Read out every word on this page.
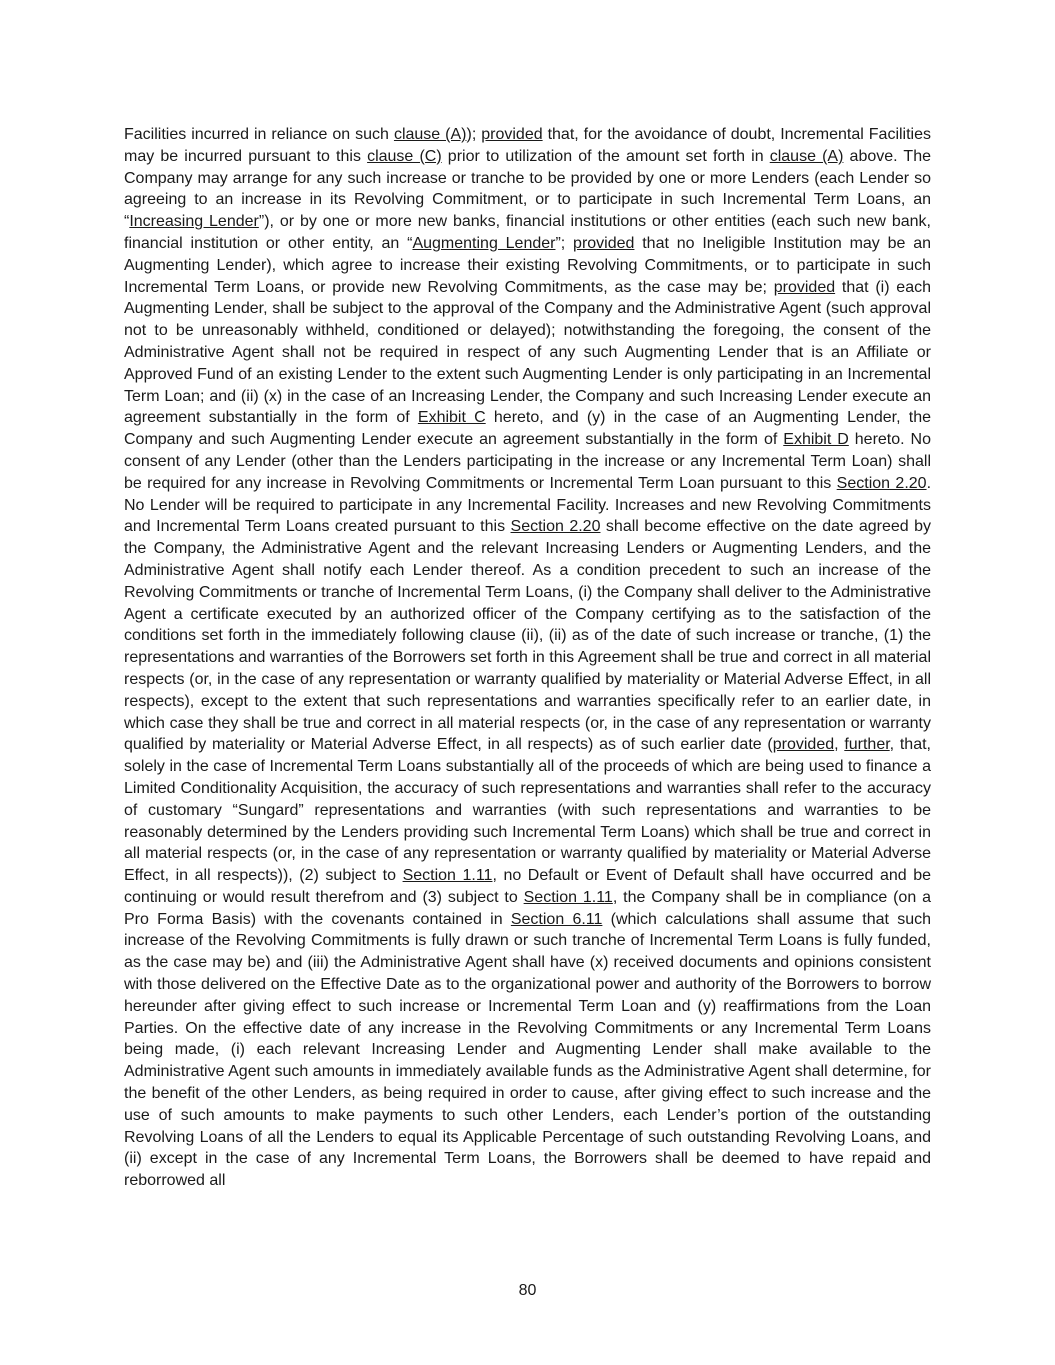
Facilities incurred in reliance on such clause (A)); provided that, for the avoidance of doubt, Incremental Facilities may be incurred pursuant to this clause (C) prior to utilization of the amount set forth in clause (A) above. The Company may arrange for any such increase or tranche to be provided by one or more Lenders (each Lender so agreeing to an increase in its Revolving Commitment, or to participate in such Incremental Term Loans, an “Increasing Lender”), or by one or more new banks, financial institutions or other entities (each such new bank, financial institution or other entity, an “Augmenting Lender”; provided that no Ineligible Institution may be an Augmenting Lender), which agree to increase their existing Revolving Commitments, or to participate in such Incremental Term Loans, or provide new Revolving Commitments, as the case may be; provided that (i) each Augmenting Lender, shall be subject to the approval of the Company and the Administrative Agent (such approval not to be unreasonably withheld, conditioned or delayed); notwithstanding the foregoing, the consent of the Administrative Agent shall not be required in respect of any such Augmenting Lender that is an Affiliate or Approved Fund of an existing Lender to the extent such Augmenting Lender is only participating in an Incremental Term Loan; and (ii) (x) in the case of an Increasing Lender, the Company and such Increasing Lender execute an agreement substantially in the form of Exhibit C hereto, and (y) in the case of an Augmenting Lender, the Company and such Augmenting Lender execute an agreement substantially in the form of Exhibit D hereto. No consent of any Lender (other than the Lenders participating in the increase or any Incremental Term Loan) shall be required for any increase in Revolving Commitments or Incremental Term Loan pursuant to this Section 2.20. No Lender will be required to participate in any Incremental Facility. Increases and new Revolving Commitments and Incremental Term Loans created pursuant to this Section 2.20 shall become effective on the date agreed by the Company, the Administrative Agent and the relevant Increasing Lenders or Augmenting Lenders, and the Administrative Agent shall notify each Lender thereof. As a condition precedent to such an increase of the Revolving Commitments or tranche of Incremental Term Loans, (i) the Company shall deliver to the Administrative Agent a certificate executed by an authorized officer of the Company certifying as to the satisfaction of the conditions set forth in the immediately following clause (ii), (ii) as of the date of such increase or tranche, (1) the representations and warranties of the Borrowers set forth in this Agreement shall be true and correct in all material respects (or, in the case of any representation or warranty qualified by materiality or Material Adverse Effect, in all respects), except to the extent that such representations and warranties specifically refer to an earlier date, in which case they shall be true and correct in all material respects (or, in the case of any representation or warranty qualified by materiality or Material Adverse Effect, in all respects) as of such earlier date (provided, further, that, solely in the case of Incremental Term Loans substantially all of the proceeds of which are being used to finance a Limited Conditionality Acquisition, the accuracy of such representations and warranties shall refer to the accuracy of customary “Sungard” representations and warranties (with such representations and warranties to be reasonably determined by the Lenders providing such Incremental Term Loans) which shall be true and correct in all material respects (or, in the case of any representation or warranty qualified by materiality or Material Adverse Effect, in all respects)), (2) subject to Section 1.11, no Default or Event of Default shall have occurred and be continuing or would result therefrom and (3) subject to Section 1.11, the Company shall be in compliance (on a Pro Forma Basis) with the covenants contained in Section 6.11 (which calculations shall assume that such increase of the Revolving Commitments is fully drawn or such tranche of Incremental Term Loans is fully funded, as the case may be) and (iii) the Administrative Agent shall have (x) received documents and opinions consistent with those delivered on the Effective Date as to the organizational power and authority of the Borrowers to borrow hereunder after giving effect to such increase or Incremental Term Loan and (y) reaffirmations from the Loan Parties. On the effective date of any increase in the Revolving Commitments or any Incremental Term Loans being made, (i) each relevant Increasing Lender and Augmenting Lender shall make available to the Administrative Agent such amounts in immediately available funds as the Administrative Agent shall determine, for the benefit of the other Lenders, as being required in order to cause, after giving effect to such increase and the use of such amounts to make payments to such other Lenders, each Lender’s portion of the outstanding Revolving Loans of all the Lenders to equal its Applicable Percentage of such outstanding Revolving Loans, and (ii) except in the case of any Incremental Term Loans, the Borrowers shall be deemed to have repaid and reborrowed all

80
